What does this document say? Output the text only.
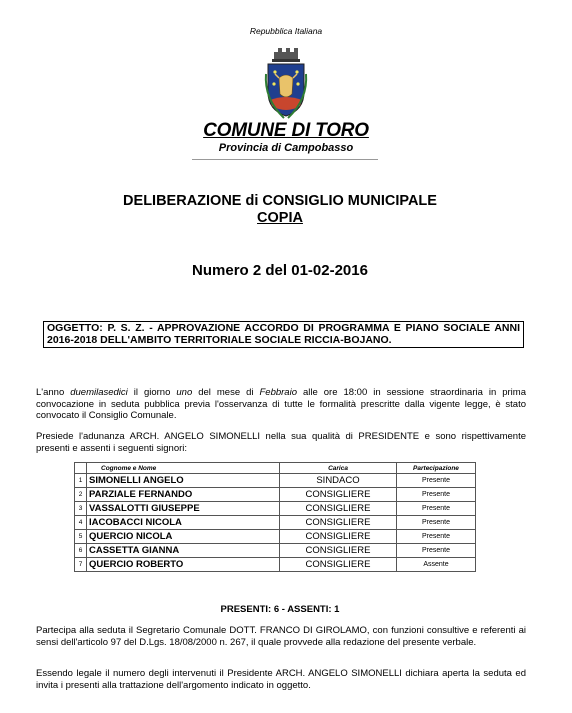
Repubblica Italiana
COMUNE DI TORO
Provincia di Campobasso
DELIBERAZIONE di CONSIGLIO MUNICIPALE
COPIA
Numero 2 del 01-02-2016
OGGETTO: P. S. Z. - APPROVAZIONE ACCORDO DI PROGRAMMA E PIANO SOCIALE ANNI 2016-2018 DELL'AMBITO TERRITORIALE SOCIALE RICCIA-BOJANO.
L'anno duemilasedici il giorno uno del mese di Febbraio alle ore 18:00 in sessione straordinaria in prima convocazione in seduta pubblica previa l'osservanza di tutte le formalità prescritte dalla vigente legge, è stato convocato il Consiglio Comunale.
Presiede l'adunanza ARCH. ANGELO SIMONELLI nella sua qualità di PRESIDENTE e sono rispettivamente presenti e assenti i seguenti signori:
	Cognome e Nome	Carica	Partecipazione
1	SIMONELLI ANGELO	SINDACO	Presente
2	PARZIALE FERNANDO	CONSIGLIERE	Presente
3	VASSALOTTI GIUSEPPE	CONSIGLIERE	Presente
4	IACOBACCI NICOLA	CONSIGLIERE	Presente
5	QUERCIO NICOLA	CONSIGLIERE	Presente
6	CASSETTA GIANNA	CONSIGLIERE	Presente
7	QUERCIO ROBERTO	CONSIGLIERE	Assente
PRESENTI: 6 - ASSENTI: 1
Partecipa alla seduta il Segretario Comunale DOTT. FRANCO DI GIROLAMO, con funzioni consultive e referenti ai sensi dell'articolo 97 del D.Lgs. 18/08/2000 n. 267, il quale provvede alla redazione del presente verbale.
Essendo legale il numero degli intervenuti il Presidente ARCH. ANGELO SIMONELLI dichiara aperta la seduta ed invita i presenti alla trattazione dell'argomento indicato in oggetto.
